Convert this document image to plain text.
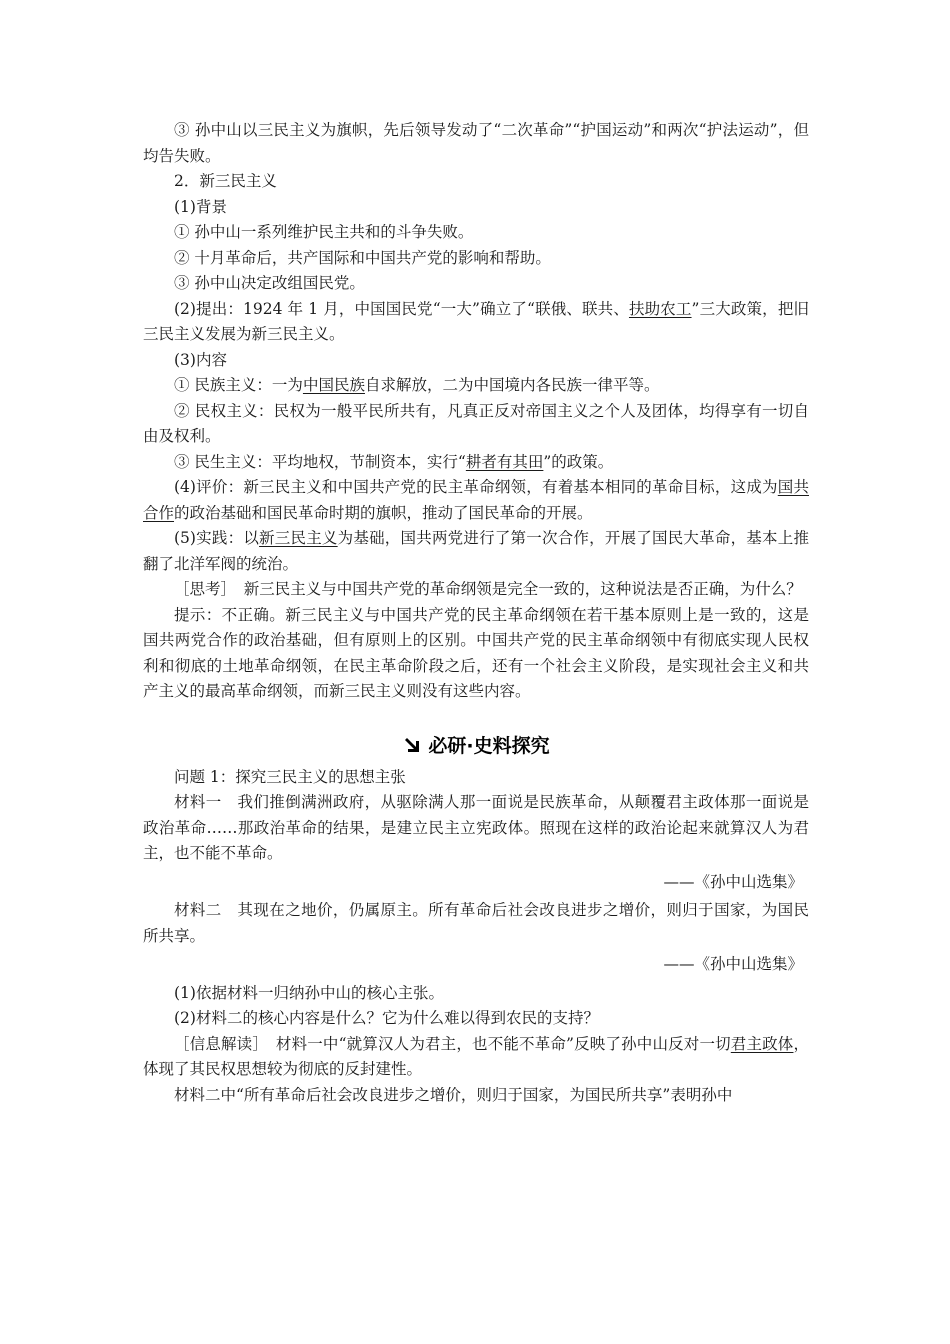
③ 孙中山以三民主义为旗帜，先后领导发动了“二次革命”“护国运动”和两次“护法运动”，但均告失败。

2．新三民主义

(1)背景

① 孙中山一系列维护民主共和的斗争失败。

② 十月革命后，共产国际和中国共产党的影响和帮助。

③ 孙中山决定改组国民党。

(2)提出：1924 年 1 月，中国国民党“一大”确立了“联俄、联共、扶助农工”三大政策，把旧三民主义发展为新三民主义。

(3)内容

① 民族主义：一为中国民族自求解放，二为中国境内各民族一律平等。

② 民权主义：民权为一般平民所共有，凡真正反对帝国主义之个人及团体，均得享有一切自由及权利。

③ 民生主义：平均地权，节制资本，实行“耕者有其田”的政策。

(4)评价：新三民主义和中国共产党的民主革命纲领，有着基本相同的革命目标，这成为国共合作的政治基础和国民革命时期的旗帜，推动了国民革命的开展。

(5)实践：以新三民主义为基础，国共两党进行了第一次合作，开展了国民大革命，基本上推翻了北洋军阀的统治。

［思考］　新三民主义与中国共产党的革命纲领是完全一致的，这种说法是否正确，为什么？

提示：不正确。新三民主义与中国共产党的民主革命纲领在若干基本原则上是一致的，这是国共两党合作的政治基础，但有原则上的区别。中国共产党的民主革命纲领中有彻底实现人民权利和彻底的土地革命纲领，在民主革命阶段之后，还有一个社会主义阶段，是实现社会主义和共产主义的最高革命纲领，而新三民主义则没有这些内容。

必研·史料探究

问题 1：探究三民主义的思想主张

材料一　我们推倒满洲政府，从驱除满人那一面说是民族革命，从颠覆君主政体那一面说是政治革命……那政治革命的结果，是建立民主立宪政体。照现在这样的政治论起来就算汉人为君主，也不能不革命。

——《孙中山选集》

材料二　其现在之地价，仍属原主。所有革命后社会改良进步之增价，则归于国家，为国民所共享。

——《孙中山选集》

(1)依据材料一归纳孙中山的核心主张。

(2)材料二的核心内容是什么？它为什么难以得到农民的支持？

［信息解读］　材料一中“就算汉人为君主，也不能不革命”反映了孙中山反对一切君主政体，体现了其民权思想较为彻底的反封建性。

材料二中“所有革命后社会改良进步之增价，则归于国家，为国民所共享”表明孙中
